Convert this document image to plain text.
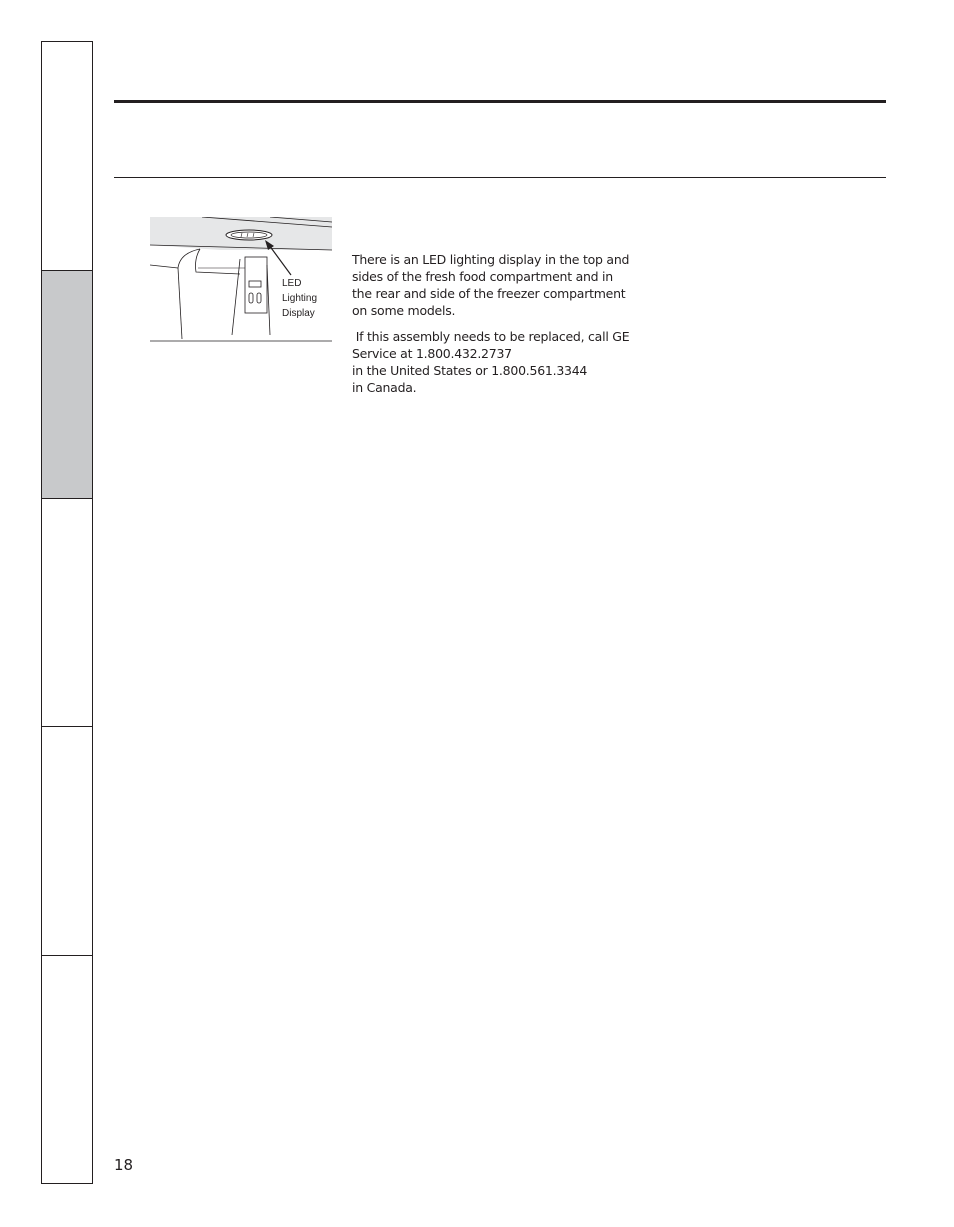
LED
Lighting
Display

There is an LED lighting display in the top and
sides of the fresh food compartment and in
the rear and side of the freezer compartment
on some models.

If this assembly needs to be replaced, call GE
Service at 1.800.432.2737
in the United States or 1.800.561.3344
in Canada.

18
